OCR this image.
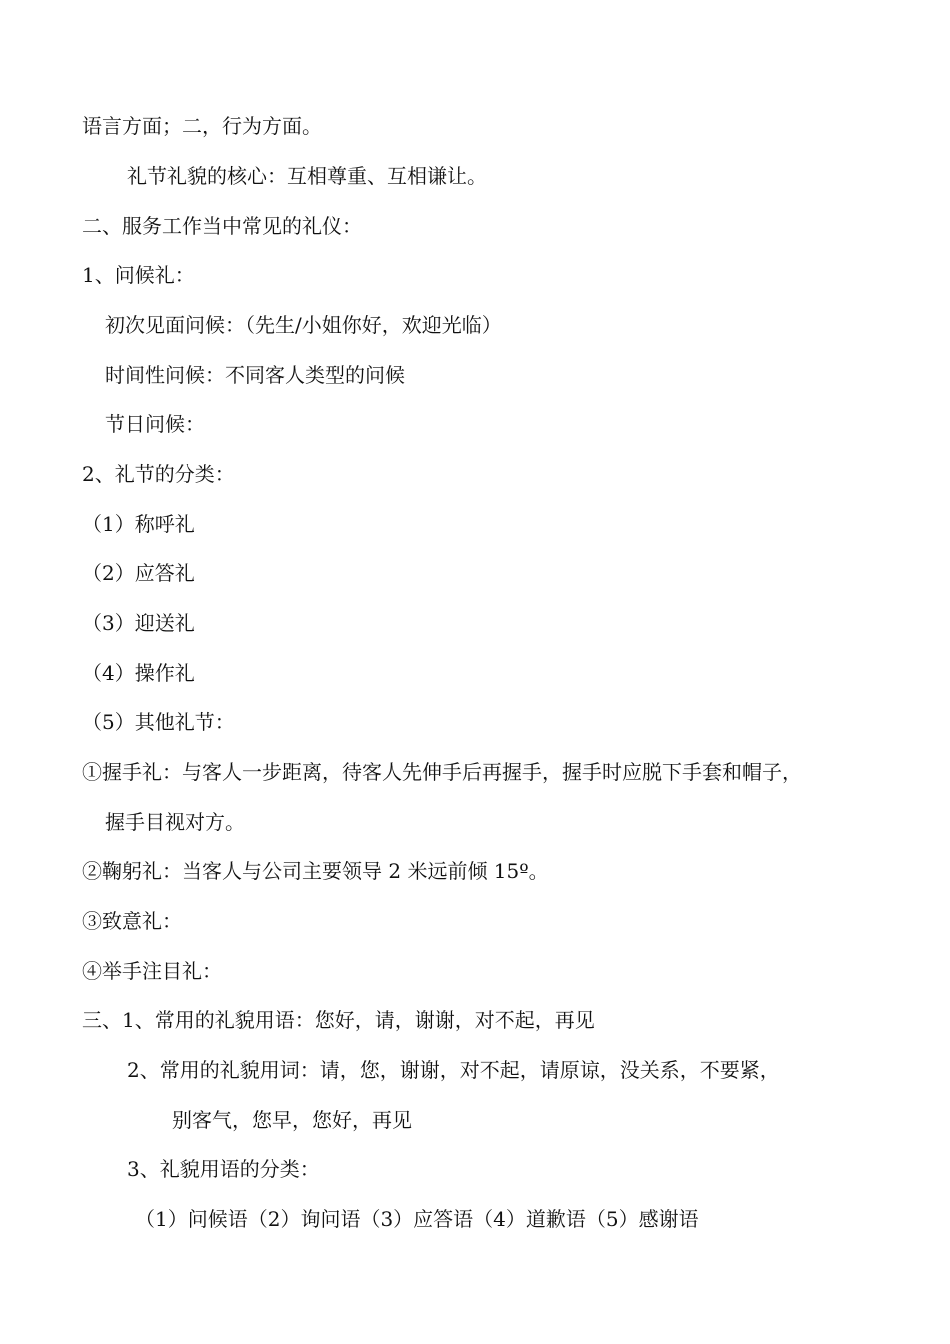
语言方面；二，行为方面。
礼节礼貌的核心：互相尊重、互相谦让。
二、服务工作当中常见的礼仪：
1、问候礼：
初次见面问候：（先生/小姐你好，欢迎光临）
时间性问候：不同客人类型的问候
节日问候：
2、礼节的分类：
（1）称呼礼
（2）应答礼
（3）迎送礼
（4）操作礼
（5）其他礼节：
①握手礼：与客人一步距离，待客人先伸手后再握手，握手时应脱下手套和帽子，
握手目视对方。
②鞠躬礼：当客人与公司主要领导 2 米远前倾 15º。
③致意礼：
④举手注目礼：
三、1、常用的礼貌用语：您好，请，谢谢，对不起，再见
2、常用的礼貌用词：请，您，谢谢，对不起，请原谅，没关系，不要紧，
别客气，您早，您好，再见
3、礼貌用语的分类：
（1）问候语（2）询问语（3）应答语（4）道歉语（5）感谢语
